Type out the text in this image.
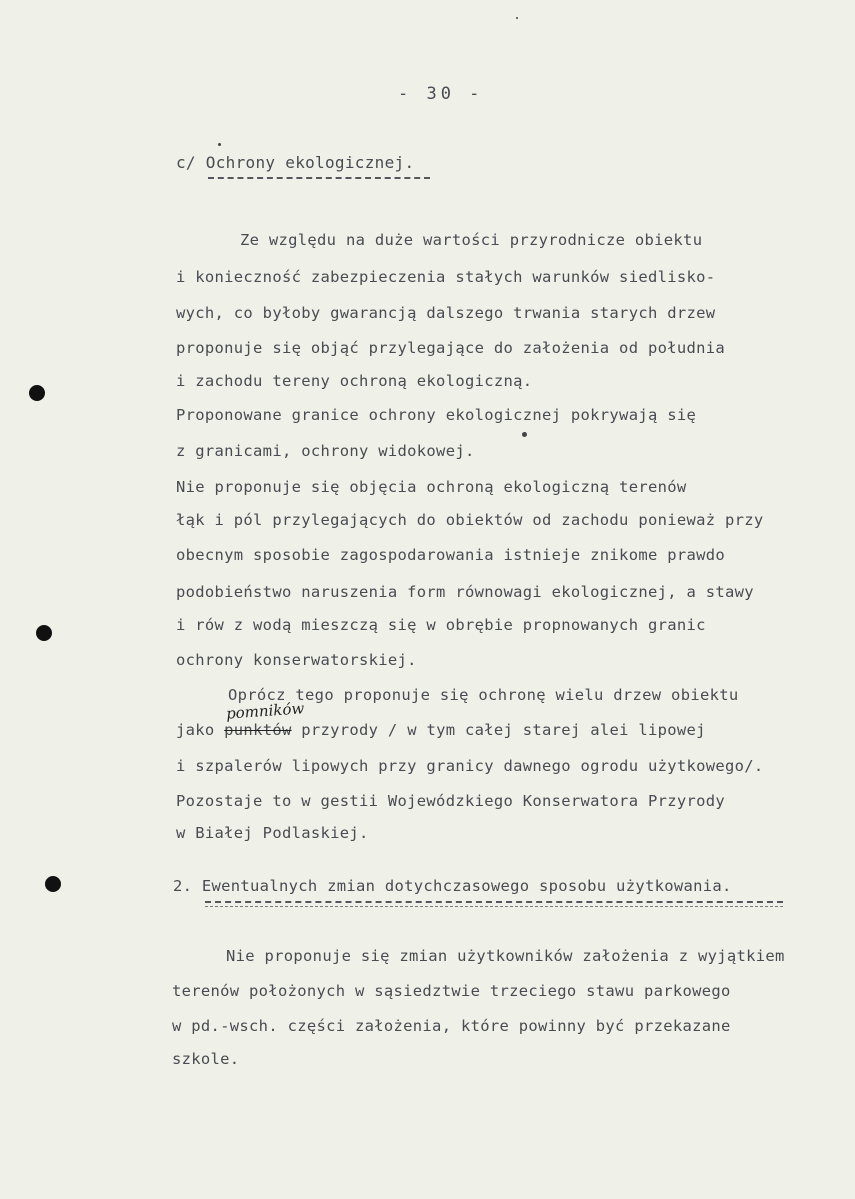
- 30 -
c/ Ochrony ekologicznej.
Ze względu na duże wartości przyrodnicze obiektu
i konieczność zabezpieczenia stałych warunków siedlisko-
wych, co byłoby gwarancją dalszego trwania starych drzew
proponuje się objąć przylegające do założenia od południa
i zachodu tereny ochroną ekologiczną.
Proponowane granice ochrony ekologicznej pokrywają się
z granicami, ochrony widokowej.
Nie proponuje się objęcia ochroną ekologiczną terenów
łąk i pól przylegających do obiektów od zachodu ponieważ przy
obecnym sposobie zagospodarowania istnieje znikome prawdo
podobieństwo naruszenia form równowagi ekologicznej, a stawy
i rów z wodą mieszczą się w obrębie propnowanych granic
ochrony konserwatorskiej.
Oprócz tego proponuje się ochronę wielu drzew obiektu
pomników
jako punktów przyrody / w tym całej starej alei lipowej
i szpalerów lipowych przy granicy dawnego ogrodu użytkowego/.
Pozostaje to w gestii Wojewódzkiego Konserwatora Przyrody
w Białej Podlaskiej.
2. Ewentualnych zmian dotychczasowego sposobu użytkowania.
Nie proponuje się zmian użytkowników założenia z wyjątkiem
terenów położonych w sąsiedztwie trzeciego stawu parkowego
w pd.-wsch. części założenia, które powinny być przekazane
szkole.
